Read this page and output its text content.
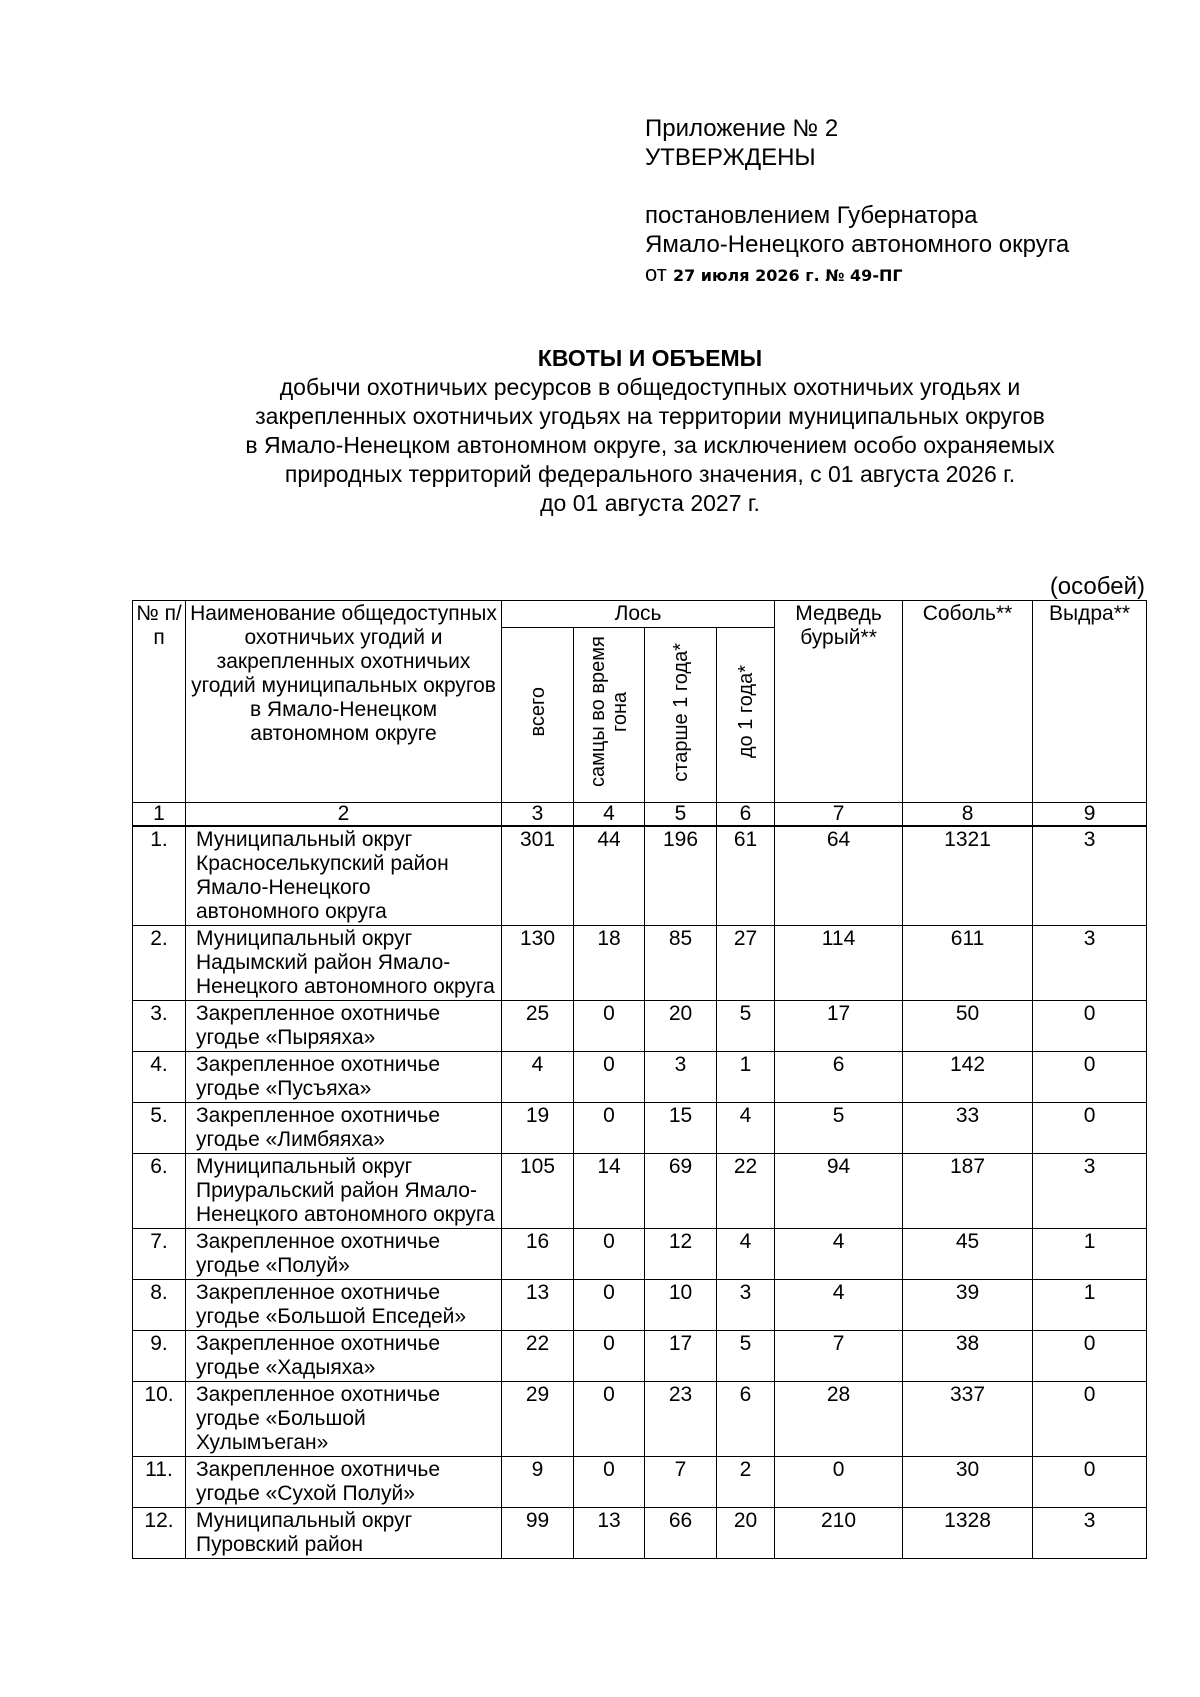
Приложение № 2
УТВЕРЖДЕНЫ
постановлением Губернатора
Ямало-Ненецкого автономного округа
от 27 июля 2026 г. № 49-ПГ
КВОТЫ И ОБЪЕМЫ
добычи охотничьих ресурсов в общедоступных охотничьих угодьях и
закрепленных охотничьих угодьях на территории муниципальных округов
в Ямало-Ненецком автономном округе, за исключением особо охраняемых
природных территорий федерального значения, с 01 августа 2026 г.
до 01 августа 2027 г.
(особей)
№ п/п	Наименование общедоступных охотничьих угодий и закрепленных охотничьих угодий муниципальных округов в Ямало-Ненецком автономном округе	Лось				Медведь бурый**	Соболь**	Выдра**
		всего	самцы во время гона	старше 1 года*	до 1 года*			
1	2	3	4	5	6	7	8	9
1.	Муниципальный округ Красноселькупский район Ямало-Ненецкого автономного округа	301	44	196	61	64	1321	3
2.	Муниципальный округ Надымский район Ямало-Ненецкого автономного округа	130	18	85	27	114	611	3
3.	Закрепленное охотничье угодье «Пыряяха»	25	0	20	5	17	50	0
4.	Закрепленное охотничье угодье «Пусъяха»	4	0	3	1	6	142	0
5.	Закрепленное охотничье угодье «Лимбяяха»	19	0	15	4	5	33	0
6.	Муниципальный округ Приуральский район Ямало-Ненецкого автономного округа	105	14	69	22	94	187	3
7.	Закрепленное охотничье угодье «Полуй»	16	0	12	4	4	45	1
8.	Закрепленное охотничье угодье «Большой Епседей»	13	0	10	3	4	39	1
9.	Закрепленное охотничье угодье «Хадыяха»	22	0	17	5	7	38	0
10.	Закрепленное охотничье угодье «Большой Хулымъеган»	29	0	23	6	28	337	0
11.	Закрепленное охотничье угодье «Сухой Полуй»	9	0	7	2	0	30	0
12.	Муниципальный округ Пуровский район	99	13	66	20	210	1328	3
